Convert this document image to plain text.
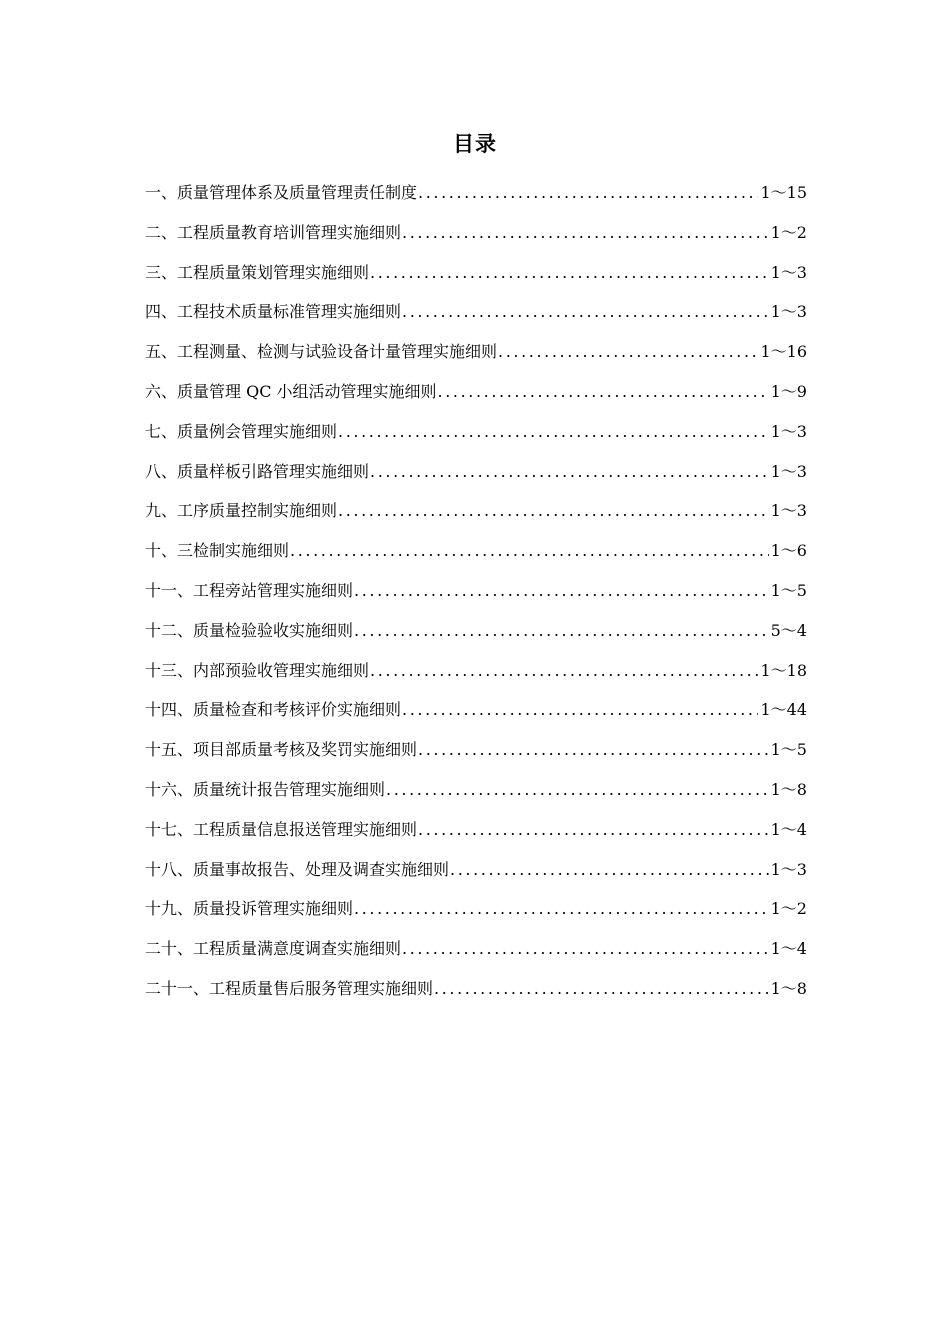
目录
一、质量管理体系及质量管理责任制度 .....	1～15
二、工程质量教育培训管理实施细则 .....	1～2
三、工程质量策划管理实施细则 .....	1～3
四、工程技术质量标准管理实施细则 .....	1～3
五、工程测量、检测与试验设备计量管理实施细则 .....	1～16
六、质量管理 QC 小组活动管理实施细则 .....	1～9
七、质量例会管理实施细则 .....	1～3
八、质量样板引路管理实施细则 .....	1～3
九、工序质量控制实施细则 .....	1～3
十、三检制实施细则 .....	1～6
十一、工程旁站管理实施细则 .....	1～5
十二、质量检验验收实施细则 .....	5～4
十三、内部预验收管理实施细则 .....	1～18
十四、质量检查和考核评价实施细则 .....	1～44
十五、项目部质量考核及奖罚实施细则 .....	1～5
十六、质量统计报告管理实施细则 .....	1～8
十七、工程质量信息报送管理实施细则 .....	1～4
十八、质量事故报告、处理及调查实施细则 .....	1～3
十九、质量投诉管理实施细则 .....	1～2
二十、工程质量满意度调查实施细则 .....	1～4
二十一、工程质量售后服务管理实施细则 .....	1～8
